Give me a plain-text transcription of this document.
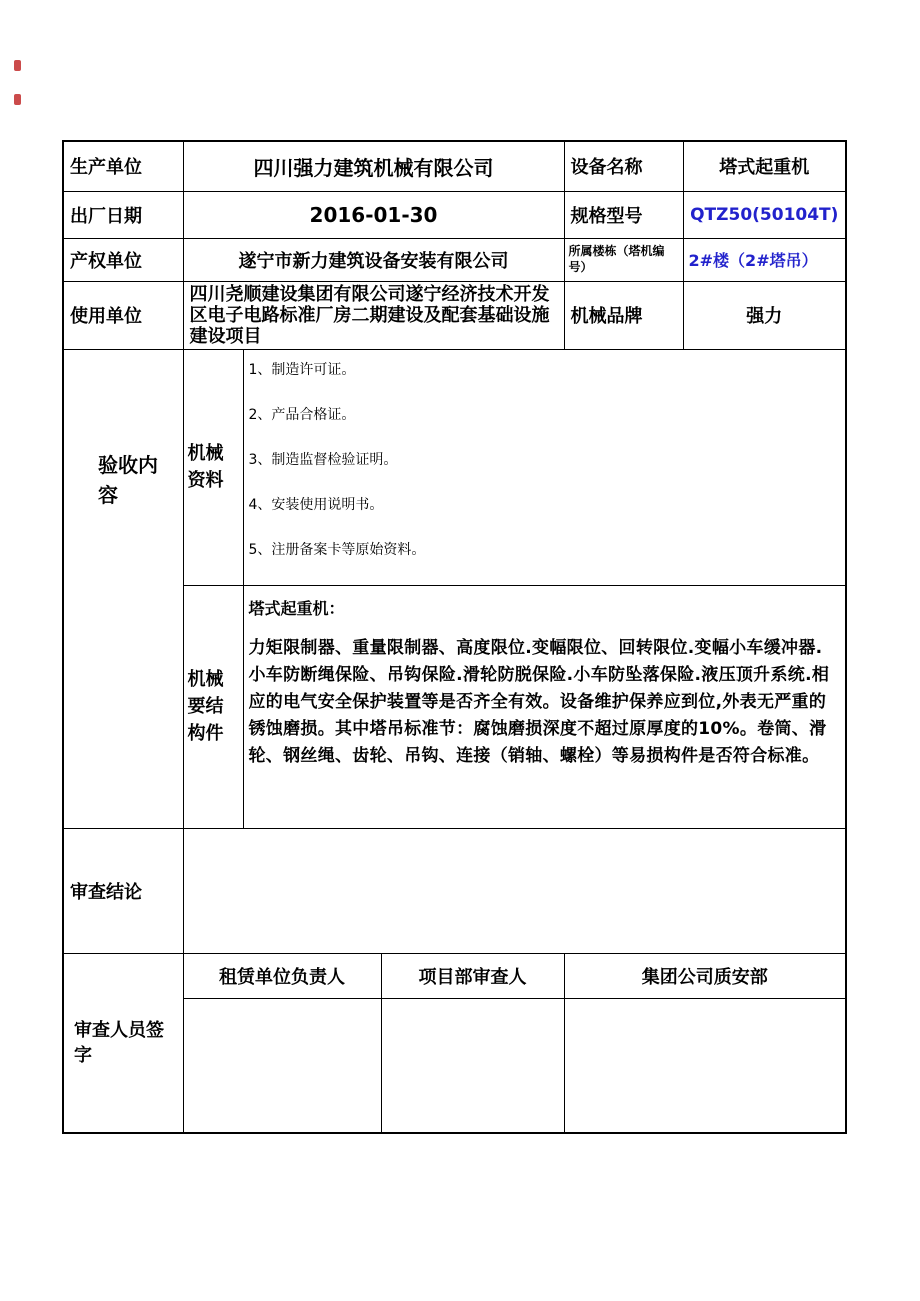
生产单位	四川强力建筑机械有限公司			设备名称	塔式起重机
出厂日期	2016-01-30			规格型号	QTZ50(50104T)
产权单位	遂宁市新力建筑设备安装有限公司			所属楼栋（塔机编号）	2#楼（2#塔吊）
使用单位	四川尧顺建设集团有限公司遂宁经济技术开发区电子电路标准厂房二期建设及配套基础设施建设项目			机械品牌	强力

验收内容	机械资料	1、制造许可证。
2、产品合格证。
3、制造监督检验证明。
4、安装使用说明书。
5、注册备案卡等原始资料。			

	机械要结构件	塔式起重机：

力矩限制器、重量限制器、高度限位.变幅限位、回转限位.变幅小车缓冲器.小车防断绳保险、吊钩保险.滑轮防脱保险.小车防坠落保险.液压顶升系统.相应的电气安全保护装置等是否齐全有效。设备维护保养应到位,外表无严重的锈蚀磨损。其中塔吊标准节：腐蚀磨损深度不超过原厚度的10%。卷筒、滑轮、钢丝绳、齿轮、吊钩、连接（销轴、螺栓）等易损构件是否符合标准。			

审查结论					

审查人员签字	租赁单位负责人		项目部审查人	集团公司质安部	
